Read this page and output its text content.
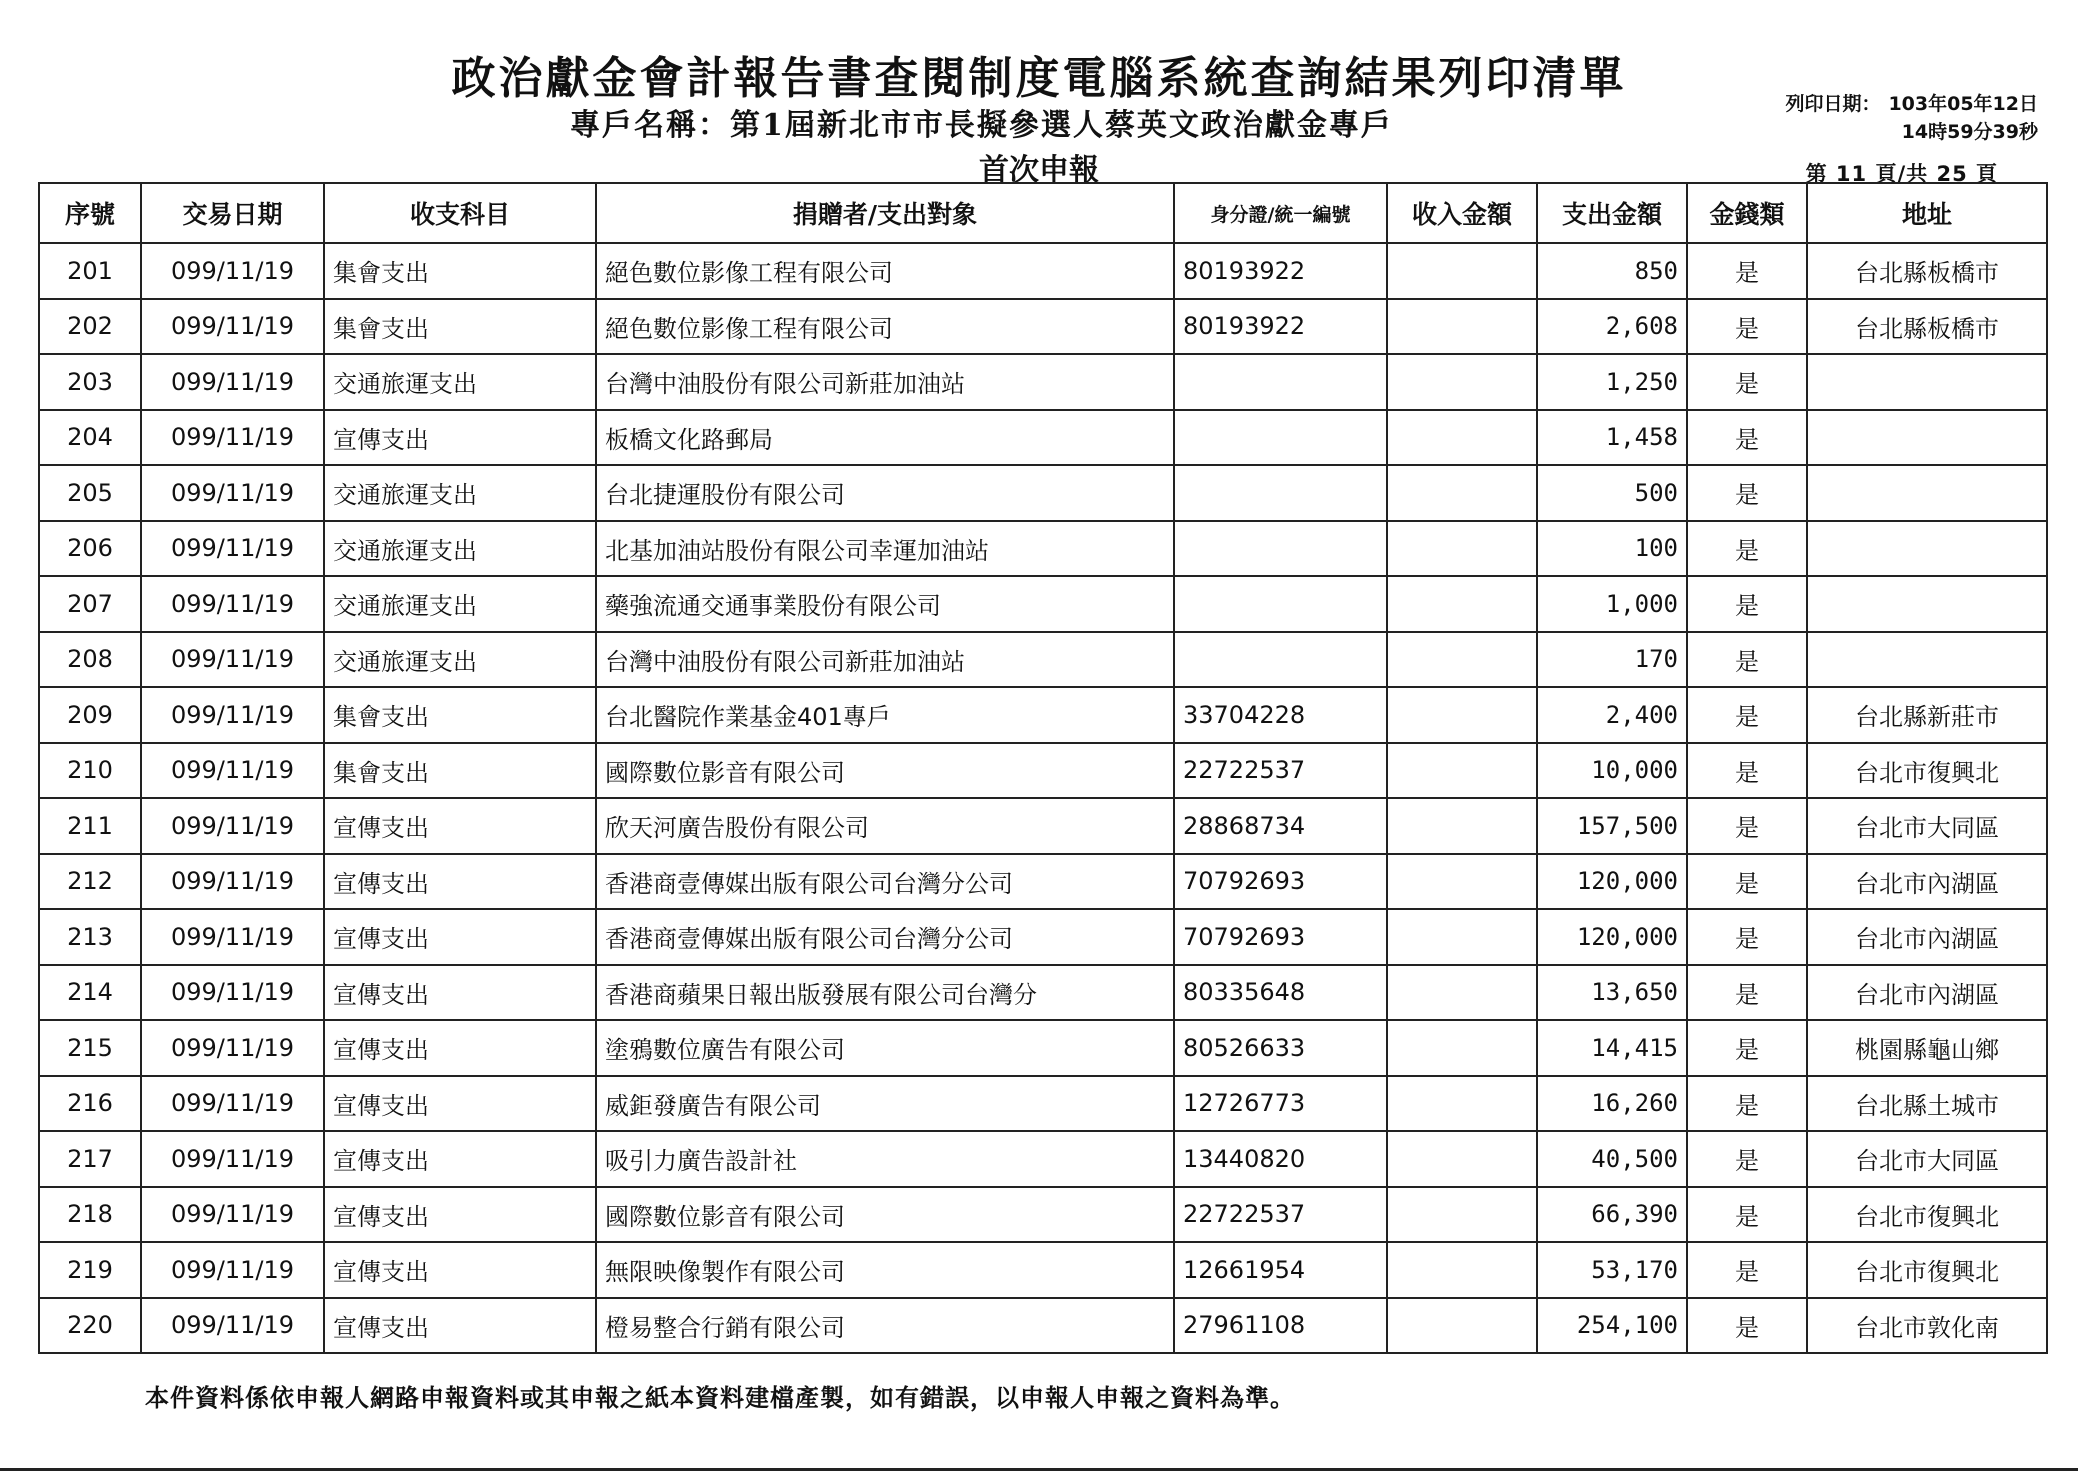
政治獻金會計報告書查閱制度電腦系統查詢結果列印清單
專戶名稱：第1屆新北市市長擬參選人蔡英文政治獻金專戶
首次申報
列印日期： 103年05年12日
14時59分39秒
第 11 頁/共 25 頁
序號	交易日期	收支科目	捐贈者/支出對象	身分證/統一編號	收入金額	支出金額	金錢類	地址
201	099/11/19	集會支出	絕色數位影像工程有限公司	80193922		850	是	台北縣板橋市
202	099/11/19	集會支出	絕色數位影像工程有限公司	80193922		2,608	是	台北縣板橋市
203	099/11/19	交通旅運支出	台灣中油股份有限公司新莊加油站			1,250	是	
204	099/11/19	宣傳支出	板橋文化路郵局			1,458	是	
205	099/11/19	交通旅運支出	台北捷運股份有限公司			500	是	
206	099/11/19	交通旅運支出	北基加油站股份有限公司幸運加油站			100	是	
207	099/11/19	交通旅運支出	藥強流通交通事業股份有限公司			1,000	是	
208	099/11/19	交通旅運支出	台灣中油股份有限公司新莊加油站			170	是	
209	099/11/19	集會支出	台北醫院作業基金401專戶	33704228		2,400	是	台北縣新莊市
210	099/11/19	集會支出	國際數位影音有限公司	22722537		10,000	是	台北市復興北
211	099/11/19	宣傳支出	欣天河廣告股份有限公司	28868734		157,500	是	台北市大同區
212	099/11/19	宣傳支出	香港商壹傳媒出版有限公司台灣分公司	70792693		120,000	是	台北市內湖區
213	099/11/19	宣傳支出	香港商壹傳媒出版有限公司台灣分公司	70792693		120,000	是	台北市內湖區
214	099/11/19	宣傳支出	香港商蘋果日報出版發展有限公司台灣分	80335648		13,650	是	台北市內湖區
215	099/11/19	宣傳支出	塗鴉數位廣告有限公司	80526633		14,415	是	桃園縣龜山鄉
216	099/11/19	宣傳支出	威鉅發廣告有限公司	12726773		16,260	是	台北縣土城市
217	099/11/19	宣傳支出	吸引力廣告設計社	13440820		40,500	是	台北市大同區
218	099/11/19	宣傳支出	國際數位影音有限公司	22722537		66,390	是	台北市復興北
219	099/11/19	宣傳支出	無限映像製作有限公司	12661954		53,170	是	台北市復興北
220	099/11/19	宣傳支出	橙易整合行銷有限公司	27961108		254,100	是	台北市敦化南
本件資料係依申報人網路申報資料或其申報之紙本資料建檔產製，如有錯誤，以申報人申報之資料為準。
